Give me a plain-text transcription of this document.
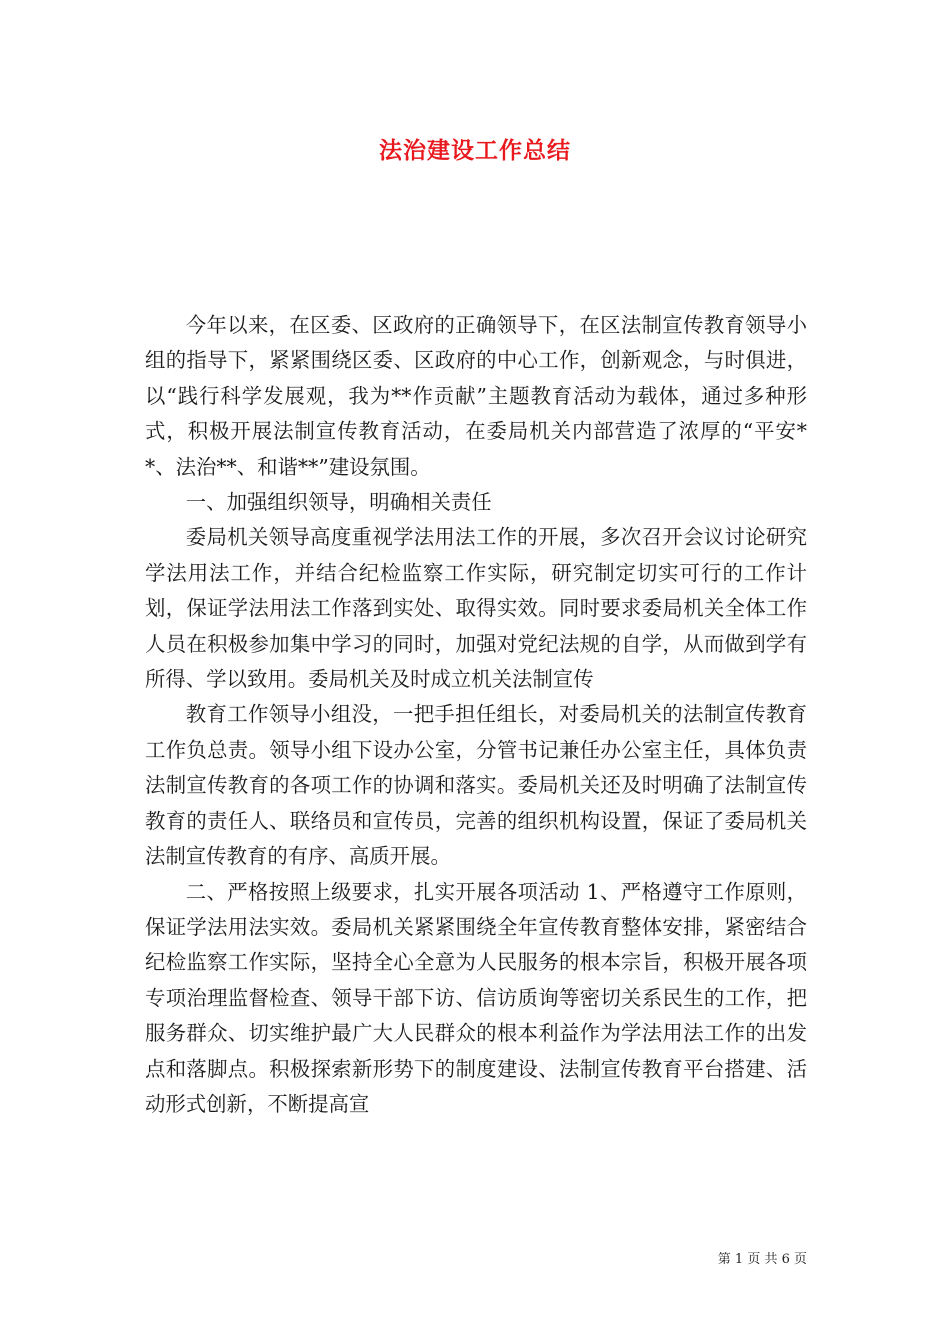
法治建设工作总结

今年以来，在区委、区政府的正确领导下，在区法制宣传教育领导小组的指导下，紧紧围绕区委、区政府的中心工作，创新观念，与时俱进，以“践行科学发展观，我为**作贡献”主题教育活动为载体，通过多种形式，积极开展法制宣传教育活动，在委局机关内部营造了浓厚的“平安**、法治**、和谐**”建设氛围。

一、加强组织领导，明确相关责任

委局机关领导高度重视学法用法工作的开展，多次召开会议讨论研究学法用法工作，并结合纪检监察工作实际，研究制定切实可行的工作计划，保证学法用法工作落到实处、取得实效。同时要求委局机关全体工作人员在积极参加集中学习的同时，加强对党纪法规的自学，从而做到学有所得、学以致用。委局机关及时成立机关法制宣传

教育工作领导小组没，一把手担任组长，对委局机关的法制宣传教育工作负总责。领导小组下设办公室，分管书记兼任办公室主任，具体负责法制宣传教育的各项工作的协调和落实。委局机关还及时明确了法制宣传教育的责任人、联络员和宣传员，完善的组织机构设置，保证了委局机关法制宣传教育的有序、高质开展。

二、严格按照上级要求，扎实开展各项活动 1、严格遵守工作原则，保证学法用法实效。委局机关紧紧围绕全年宣传教育整体安排，紧密结合纪检监察工作实际，坚持全心全意为人民服务的根本宗旨，积极开展各项专项治理监督检查、领导干部下访、信访质询等密切关系民生的工作，把服务群众、切实维护最广大人民群众的根本利益作为学法用法工作的出发点和落脚点。积极探索新形势下的制度建设、法制宣传教育平台搭建、活动形式创新，不断提高宣

第 1 页 共 6 页
